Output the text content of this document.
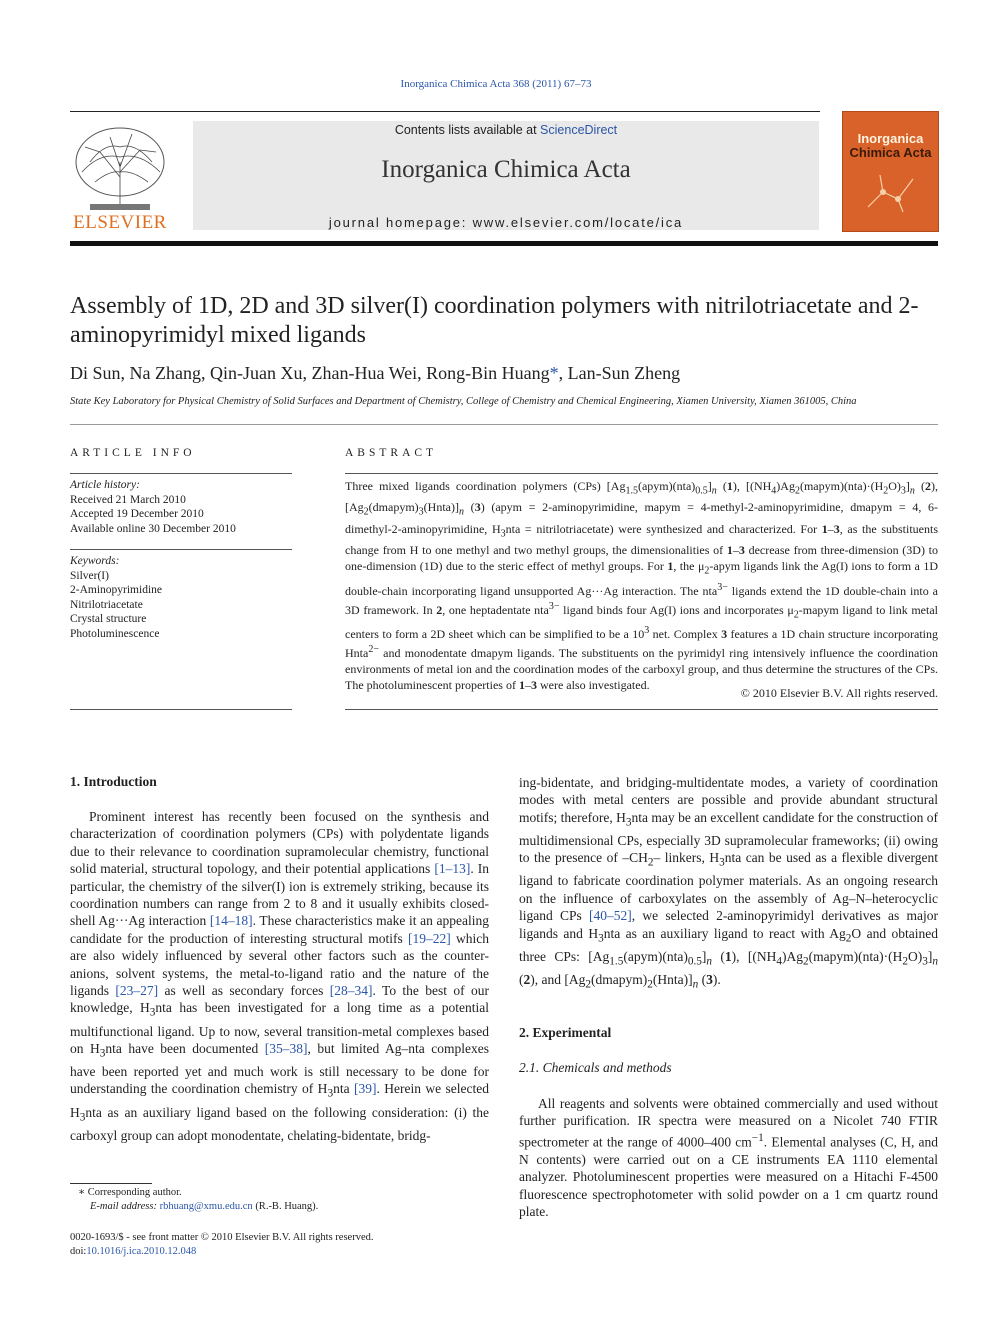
Inorganica Chimica Acta 368 (2011) 67–73
ELSEVIER
Contents lists available at ScienceDirect
Inorganica Chimica Acta
journal homepage: www.elsevier.com/locate/ica
Inorganica
Chimica Acta
Assembly of 1D, 2D and 3D silver(I) coordination polymers with nitrilotriacetate and 2-aminopyrimidyl mixed ligands
Di Sun, Na Zhang, Qin-Juan Xu, Zhan-Hua Wei, Rong-Bin Huang*, Lan-Sun Zheng
State Key Laboratory for Physical Chemistry of Solid Surfaces and Department of Chemistry, College of Chemistry and Chemical Engineering, Xiamen University, Xiamen 361005, China
ARTICLE INFO
Article history:
Received 21 March 2010
Accepted 19 December 2010
Available online 30 December 2010
Keywords:
Silver(I)
2-Aminopyrimidine
Nitrilotriacetate
Crystal structure
Photoluminescence
ABSTRACT
Three mixed ligands coordination polymers (CPs) $[Ag_{1.5}(apym)(nta)_{0.5}]_n$ (1), $[(NH_4)Ag_2(mapym)(nta)\cdot(H_2O)_3]_n$ (2), $[Ag_2(dmapym)_3(Hnta)]_n$ (3) (apym = 2-aminopyrimidine, mapym = 4-methyl-2-aminopyrimidine, dmapym = 4, 6-dimethyl-2-aminopyrimidine, $H_3nta$ = nitrilotriacetate) were synthesized and characterized. For 1–3, as the substituents change from H to one methyl and two methyl groups, the dimensionalities of 1–3 decrease from three-dimension (3D) to one-dimension (1D) due to the steric effect of methyl groups. For 1, the $\mu_2$-apym ligands link the Ag(I) ions to form a 1D double-chain incorporating ligand unsupported Ag···Ag interaction. The nta$^{3-}$ ligands extend the 1D double-chain into a 3D framework. In 2, one heptadentate nta$^{3-}$ ligand binds four Ag(I) ions and incorporates $\mu_2$-mapym ligand to link metal centers to form a 2D sheet which can be simplified to be a $10^3$ net. Complex 3 features a 1D chain structure incorporating Hnta$^{2-}$ and monodentate dmapym ligands. The substituents on the pyrimidyl ring intensively influence the coordination environments of metal ion and the coordination modes of the carboxyl group, and thus determine the structures of the CPs. The photoluminescent properties of 1–3 were also investigated.
© 2010 Elsevier B.V. All rights reserved.
1. Introduction
Prominent interest has recently been focused on the synthesis and characterization of coordination polymers (CPs) with polydentate ligands due to their relevance to coordination supramolecular chemistry, functional solid material, structural topology, and their potential applications [1–13]. In particular, the chemistry of the silver(I) ion is extremely striking, because its coordination numbers can range from 2 to 8 and it usually exhibits closed-shell Ag···Ag interaction [14–18]. These characteristics make it an appealing candidate for the production of interesting structural motifs [19–22] which are also widely influenced by several other factors such as the counter-anions, solvent systems, the metal-to-ligand ratio and the nature of the ligands [23–27] as well as secondary forces [28–34]. To the best of our knowledge, $H_3nta$ has been investigated for a long time as a potential multifunctional ligand. Up to now, several transition-metal complexes based on $H_3nta$ have been documented [35–38], but limited Ag–nta complexes have been reported yet and much work is still necessary to be done for understanding the coordination chemistry of $H_3nta$ [39]. Herein we selected $H_3nta$ as an auxiliary ligand based on the following consideration: (i) the carboxyl group can adopt monodentate, chelating-bidentate, bridg-
∗ Corresponding author.
E-mail address: rbhuang@xmu.edu.cn (R.-B. Huang).
0020-1693/$ - see front matter © 2010 Elsevier B.V. All rights reserved.
doi:10.1016/j.ica.2010.12.048
ing-bidentate, and bridging-multidentate modes, a variety of coordination modes with metal centers are possible and provide abundant structural motifs; therefore, $H_3nta$ may be an excellent candidate for the construction of multidimensional CPs, especially 3D supramolecular frameworks; (ii) owing to the presence of $-CH_2-$ linkers, $H_3nta$ can be used as a flexible divergent ligand to fabricate coordination polymer materials. As an ongoing research on the influence of carboxylates on the assembly of Ag–N–heterocyclic ligand CPs [40–52], we selected 2-aminopyrimidyl derivatives as major ligands and $H_3nta$ as an auxiliary ligand to react with $Ag_2O$ and obtained three CPs: $[Ag_{1.5}(apym)(nta)_{0.5}]_n$ (1), $[(NH_4)Ag_2(mapym)(nta)\cdot(H_2O)_3]_n$ (2), and $[Ag_2(dmapym)_2(Hnta)]_n$ (3).
2. Experimental
2.1. Chemicals and methods
All reagents and solvents were obtained commercially and used without further purification. IR spectra were measured on a Nicolet 740 FTIR spectrometer at the range of 4000–400 $cm^{-1}$. Elemental analyses (C, H, and N contents) were carried out on a CE instruments EA 1110 elemental analyzer. Photoluminescent properties were measured on a Hitachi F-4500 fluorescence spectrophotometer with solid powder on a 1 cm quartz round plate.
